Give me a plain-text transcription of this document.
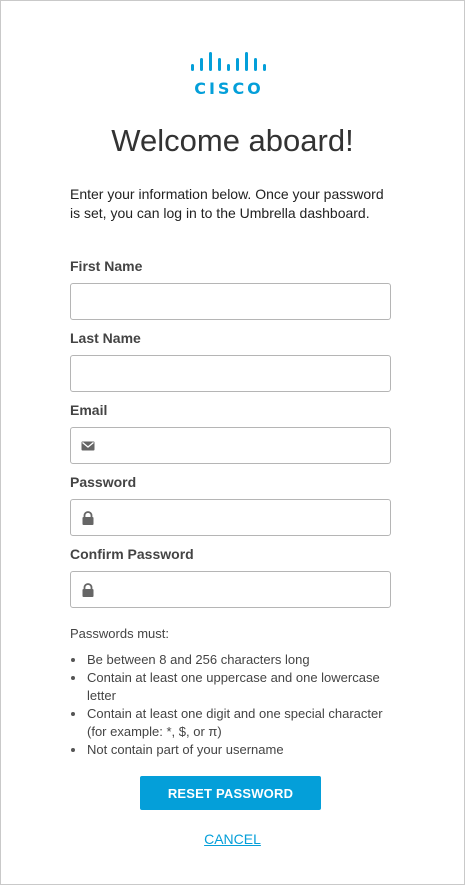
CISCO
Welcome aboard!

Enter your information below. Once your password is set, you can log in to the Umbrella dashboard.

First Name
Last Name
Email
Password
Confirm Password
Passwords must:
Be between 8 and 256 characters long
Contain at least one uppercase and one lowercase letter
Contain at least one digit and one special character (for example: *, $, or π)
Not contain part of your username
RESET PASSWORD
CANCEL
